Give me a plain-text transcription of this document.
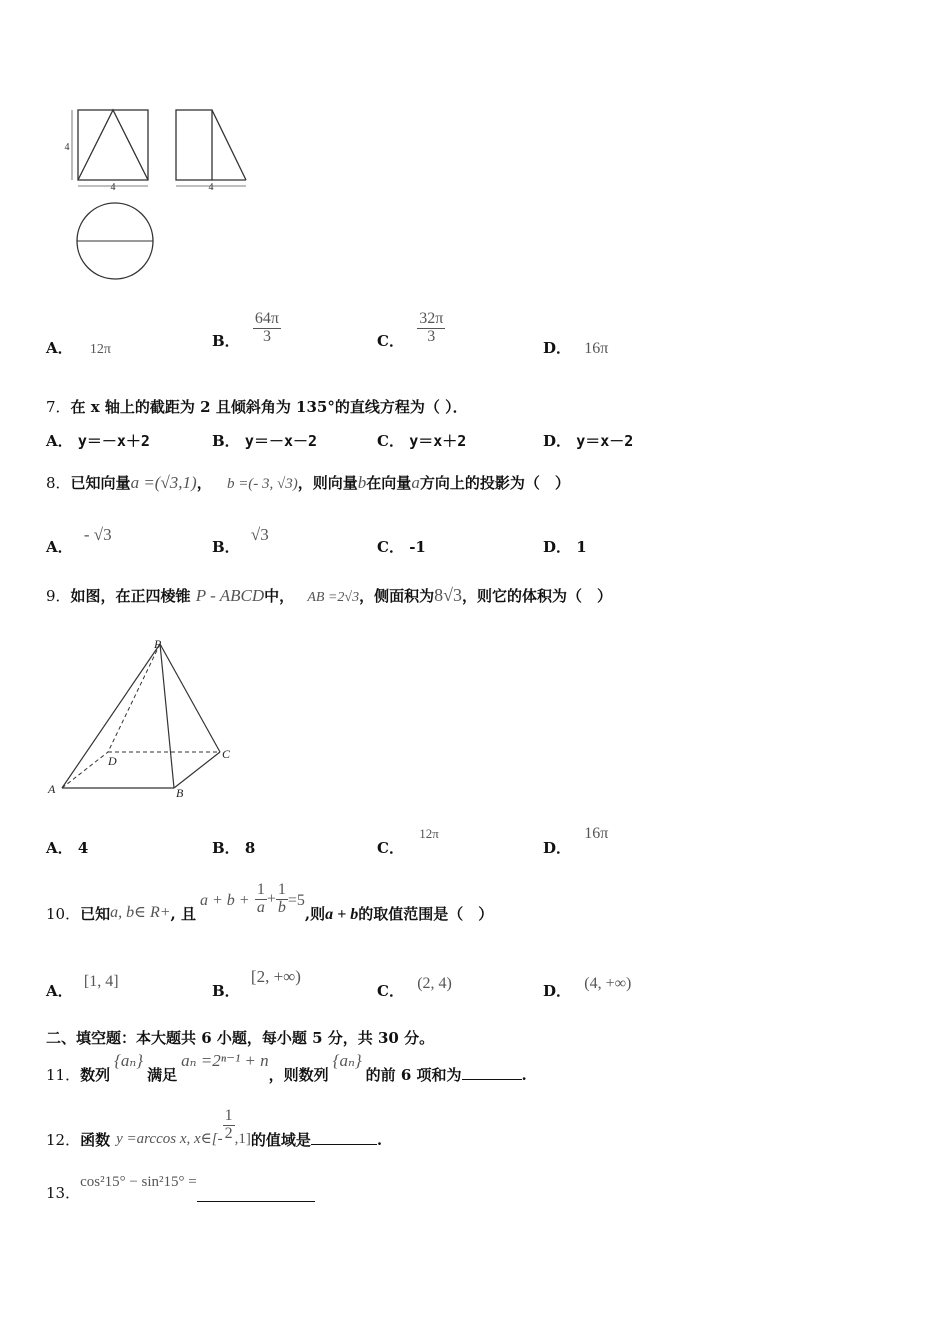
4
4	4
A． 12π	B． $\frac{64\pi}{3}$	C． $\frac{32\pi}{3}$
D． 16π
7．在 x 轴上的截距为 2 且倾斜角为 135°的直线方程为（ ）．
A． y＝－x＋2	B． y＝－x－2	C． y＝x＋2	D． y＝x－2
8．已知向量a =(√3,1)， b =(- 3, √3)，则向量b在向量a方向上的投影为（　）
A． - √3
B． √3
C． -1	D． 1
9．如图，在正四棱锥 P - ABCD中， AB =2√3，侧面积为8√3，则它的体积为（　）
P
A	B
C
D
A． 4	B． 8	C． 12π
D． 16π
10．已知a, b∈ R+, 且$a + b + \frac{1}{a} + \frac{1}{b} =5$,则a + b的取值范围是（　）
A． [1, 4]
B． [2, +∞)
C． (2, 4)	D． (4, +∞)
二、填空题：本大题共 6 小题，每小题 5 分，共 30 分。
11．数列{aₙ}满足aₙ =2ⁿ⁻¹ + n，则数列{aₙ}的前 6 项和为	.
12．函数 y =arccos x, x∈[- $\frac{1}{2} ,1$]的值域是	.
13．cos²15° − sin²15° =
